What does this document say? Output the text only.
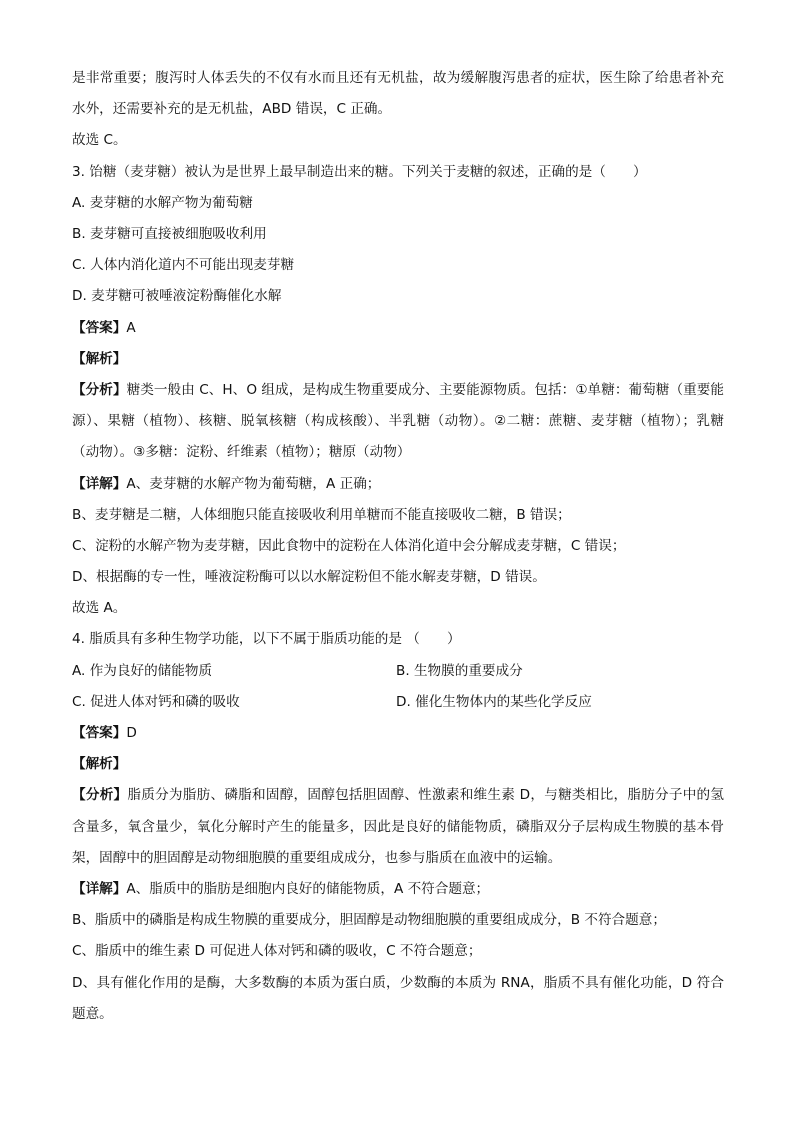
是非常重要；腹泻时人体丢失的不仅有水而且还有无机盐，故为缓解腹泻患者的症状，医生除了给患者补充水外，还需要补充的是无机盐，ABD 错误，C 正确。
故选 C。
3. 饴糖（麦芽糖）被认为是世界上最早制造出来的糖。下列关于麦糖的叙述，正确的是（　　）
A. 麦芽糖的水解产物为葡萄糖
B. 麦芽糖可直接被细胞吸收利用
C. 人体内消化道内不可能出现麦芽糖
D. 麦芽糖可被唾液淀粉酶催化水解
【答案】A
【解析】
【分析】糖类一般由 C、H、O 组成，是构成生物重要成分、主要能源物质。包括：①单糖：葡萄糖（重要能源）、果糖（植物）、核糖、脱氧核糖（构成核酸）、半乳糖（动物）。②二糖：蔗糖、麦芽糖（植物）；乳糖（动物）。③多糖：淀粉、纤维素（植物）；糖原（动物）
【详解】A、麦芽糖的水解产物为葡萄糖，A 正确；
B、麦芽糖是二糖，人体细胞只能直接吸收利用单糖而不能直接吸收二糖，B 错误；
C、淀粉的水解产物为麦芽糖，因此食物中的淀粉在人体消化道中会分解成麦芽糖，C 错误；
D、根据酶的专一性，唾液淀粉酶可以以水解淀粉但不能水解麦芽糖，D 错误。
故选 A。
4. 脂质具有多种生物学功能，以下不属于脂质功能的是 （　　）
A. 作为良好的储能物质	B. 生物膜的重要成分
C. 促进人体对钙和磷的吸收	D. 催化生物体内的某些化学反应
【答案】D
【解析】
【分析】脂质分为脂肪、磷脂和固醇，固醇包括胆固醇、性激素和维生素 D，与糖类相比，脂肪分子中的氢含量多，氧含量少，氧化分解时产生的能量多，因此是良好的储能物质，磷脂双分子层构成生物膜的基本骨架，固醇中的胆固醇是动物细胞膜的重要组成成分，也参与脂质在血液中的运输。
【详解】A、脂质中的脂肪是细胞内良好的储能物质，A 不符合题意；
B、脂质中的磷脂是构成生物膜的重要成分，胆固醇是动物细胞膜的重要组成成分，B 不符合题意；
C、脂质中的维生素 D 可促进人体对钙和磷的吸收，C 不符合题意；
D、具有催化作用的是酶，大多数酶的本质为蛋白质，少数酶的本质为 RNA，脂质不具有催化功能，D 符合题意。
